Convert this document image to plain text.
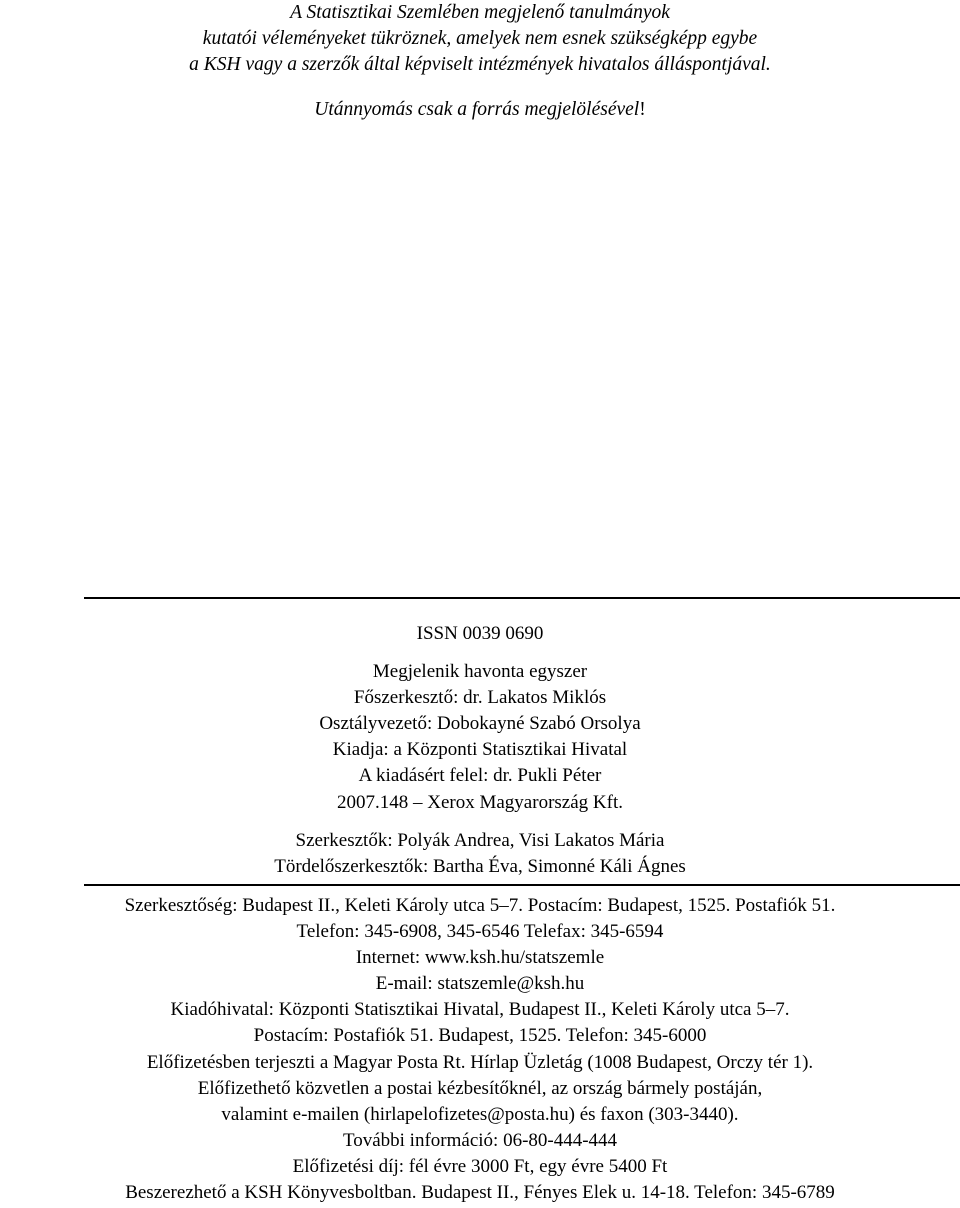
A Statisztikai Szemlében megjelenő tanulmányok
kutatói véleményeket tükröznek, amelyek nem esnek szükségképp egybe
a KSH vagy a szerzők által képviselt intézmények hivatalos álláspontjával.
Utánnyomás csak a forrás megjelölésével!
ISSN 0039 0690
Megjelenik havonta egyszer
Főszerkesztő: dr. Lakatos Miklós
Osztályvezető: Dobokayné Szabó Orsolya
Kiadja: a Központi Statisztikai Hivatal
A kiadásért felel: dr. Pukli Péter
2007.148 – Xerox Magyarország Kft.
Szerkesztők: Polyák Andrea, Visi Lakatos Mária
Tördelőszerkesztők: Bartha Éva, Simonné Káli Ágnes
Szerkesztőség: Budapest II., Keleti Károly utca 5–7. Postacím: Budapest, 1525. Postafiók 51.
Telefon: 345-6908, 345-6546 Telefax: 345-6594
Internet: www.ksh.hu/statszemle
E-mail: statszemle@ksh.hu
Kiadóhivatal: Központi Statisztikai Hivatal, Budapest II., Keleti Károly utca 5–7.
Postacím: Postafiók 51. Budapest, 1525. Telefon: 345-6000
Előfizetésben terjeszti a Magyar Posta Rt. Hírlap Üzletág (1008 Budapest, Orczy tér 1).
Előfizethető közvetlen a postai kézbesítőknél, az ország bármely postáján,
valamint e-mailen (hirlapelofizetes@posta.hu) és faxon (303-3440).
További információ: 06-80-444-444
Előfizetési díj: fél évre 3000 Ft, egy évre 5400 Ft
Beszerezhető a KSH Könyvesboltban. Budapest II., Fényes Elek u. 14-18. Telefon: 345-6789
